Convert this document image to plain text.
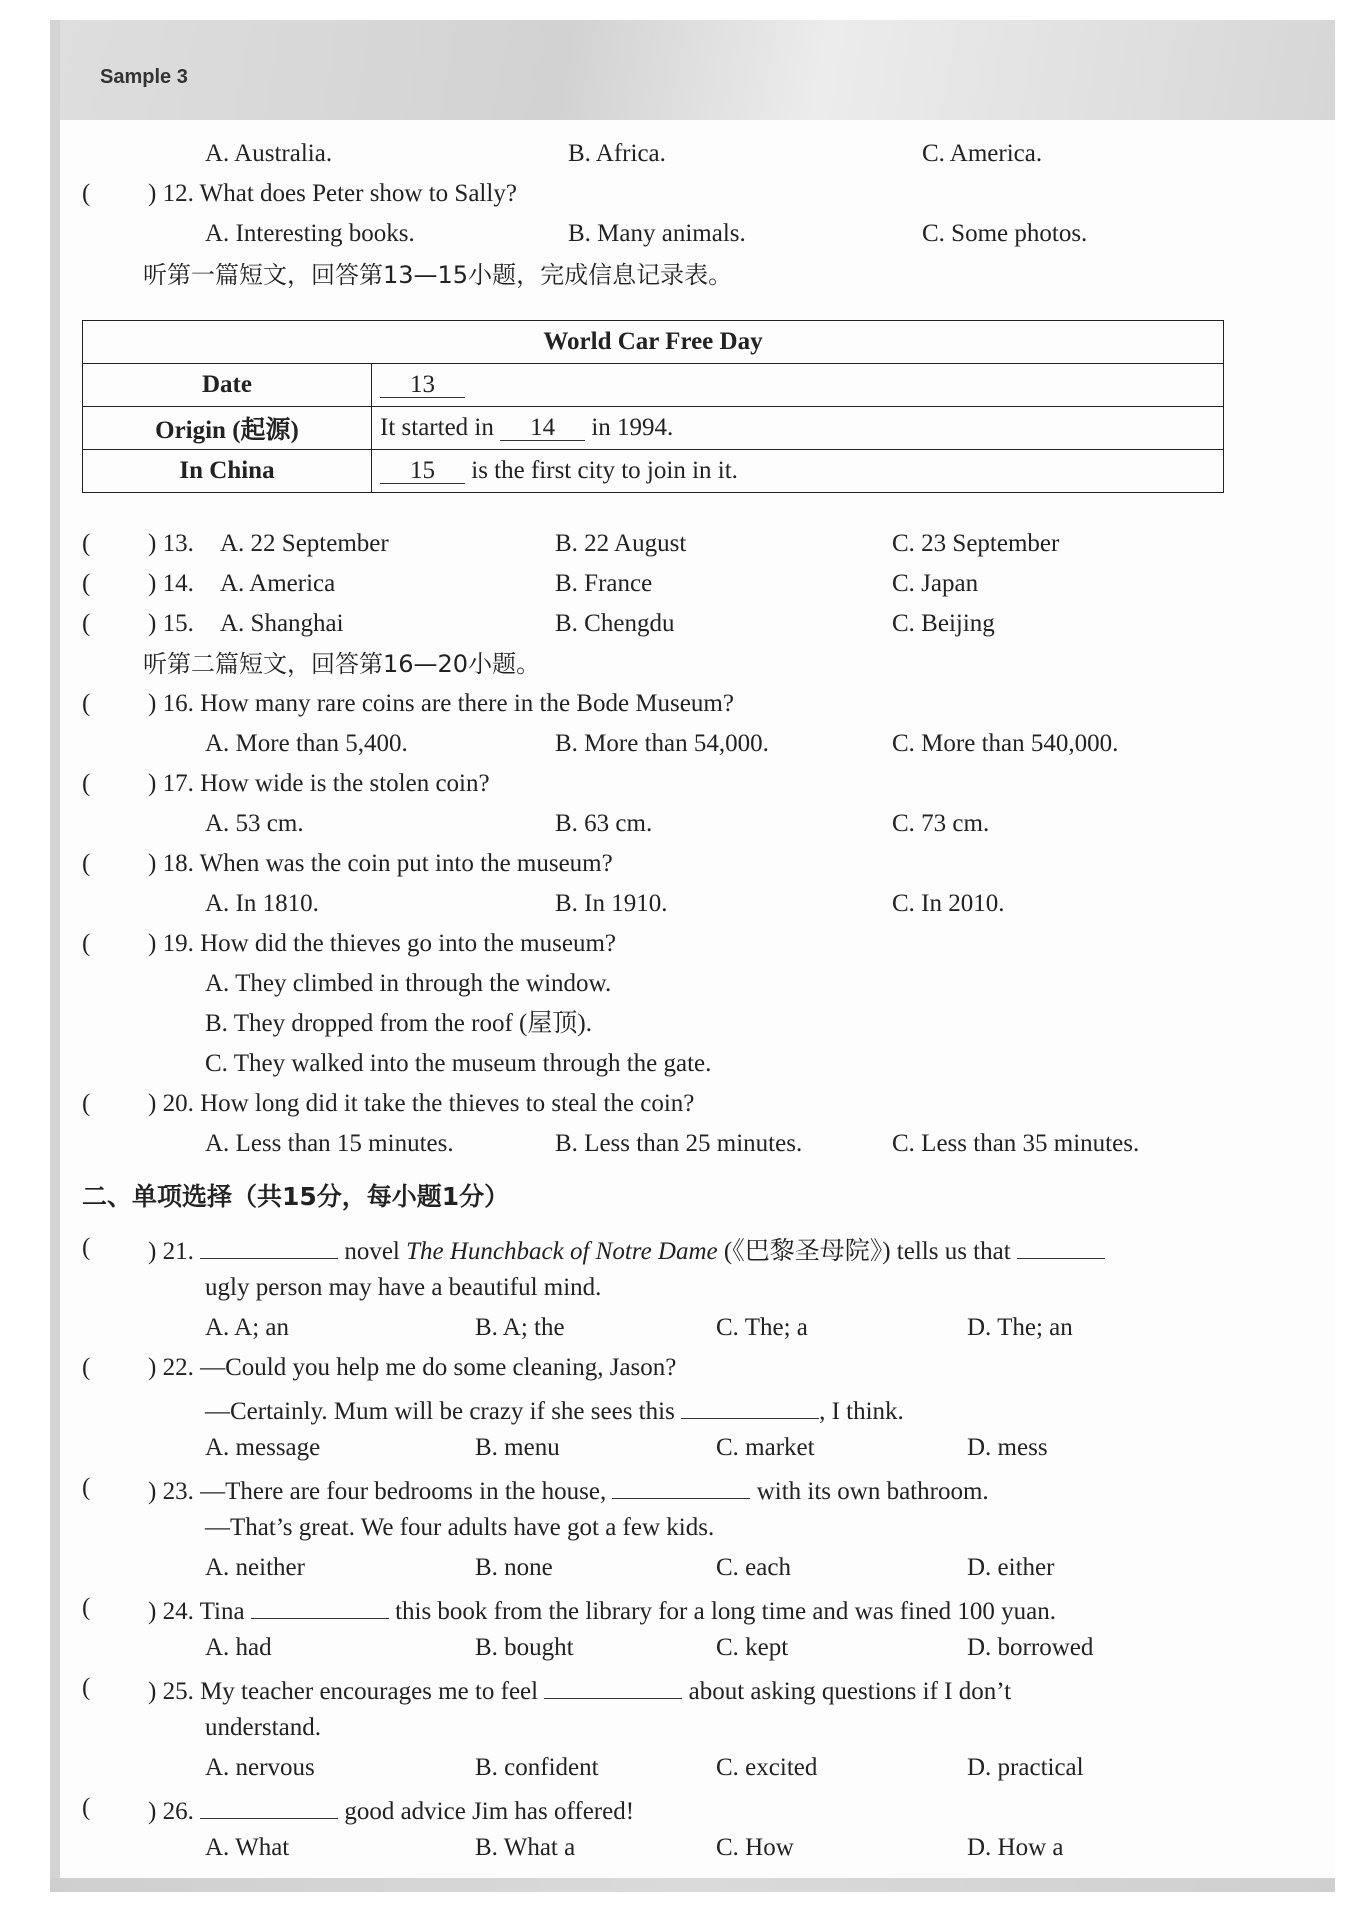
Sample 3
A. Australia.	B. Africa.	C. America.
( ) 12. What does Peter show to Sally?
A. Interesting books.	B. Many animals.	C. Some photos.
听第一篇短文，回答第13—15小题，完成信息记录表。
World Car Free Day	
Date	13
Origin (起源)	It started in 14 in 1994.
In China	15 is the first city to join in it.
( ) 13. A. 22 September	B. 22 August	C. 23 September
( ) 14. A. America	B. France	C. Japan
( ) 15. A. Shanghai	B. Chengdu	C. Beijing
听第二篇短文，回答第16—20小题。
( ) 16. How many rare coins are there in the Bode Museum?
A. More than 5,400.	B. More than 54,000.	C. More than 540,000.
( ) 17. How wide is the stolen coin?
A. 53 cm.	B. 63 cm.	C. 73 cm.
( ) 18. When was the coin put into the museum?
A. In 1810.	B. In 1910.	C. In 2010.
( ) 19. How did the thieves go into the museum?
A. They climbed in through the window.
B. They dropped from the roof (屋顶).
C. They walked into the museum through the gate.
( ) 20. How long did it take the thieves to steal the coin?
A. Less than 15 minutes.	B. Less than 25 minutes.	C. Less than 35 minutes.
二、单项选择（共15分，每小题1分）
( ) 21.	novel The Hunchback of Notre Dame (《巴黎圣母院》) tells us that
ugly person may have a beautiful mind.
A. A; an	B. A; the	C. The; a	D. The; an
( ) 22. —Could you help me do some cleaning, Jason?
—Certainly. Mum will be crazy if she sees this	, I think.
A. message	B. menu	C. market	D. mess
( ) 23. —There are four bedrooms in the house,	with its own bathroom.
—That’s great. We four adults have got a few kids.
A. neither	B. none	C. each	D. either
( ) 24. Tina	this book from the library for a long time and was fined 100 yuan.
A. had	B. bought	C. kept	D. borrowed
( ) 25. My teacher encourages me to feel	about asking questions if I don’t
understand.
A. nervous	B. confident	C. excited	D. practical
( ) 26.	good advice Jim has offered!
A. What	B. What a	C. How	D. How a
